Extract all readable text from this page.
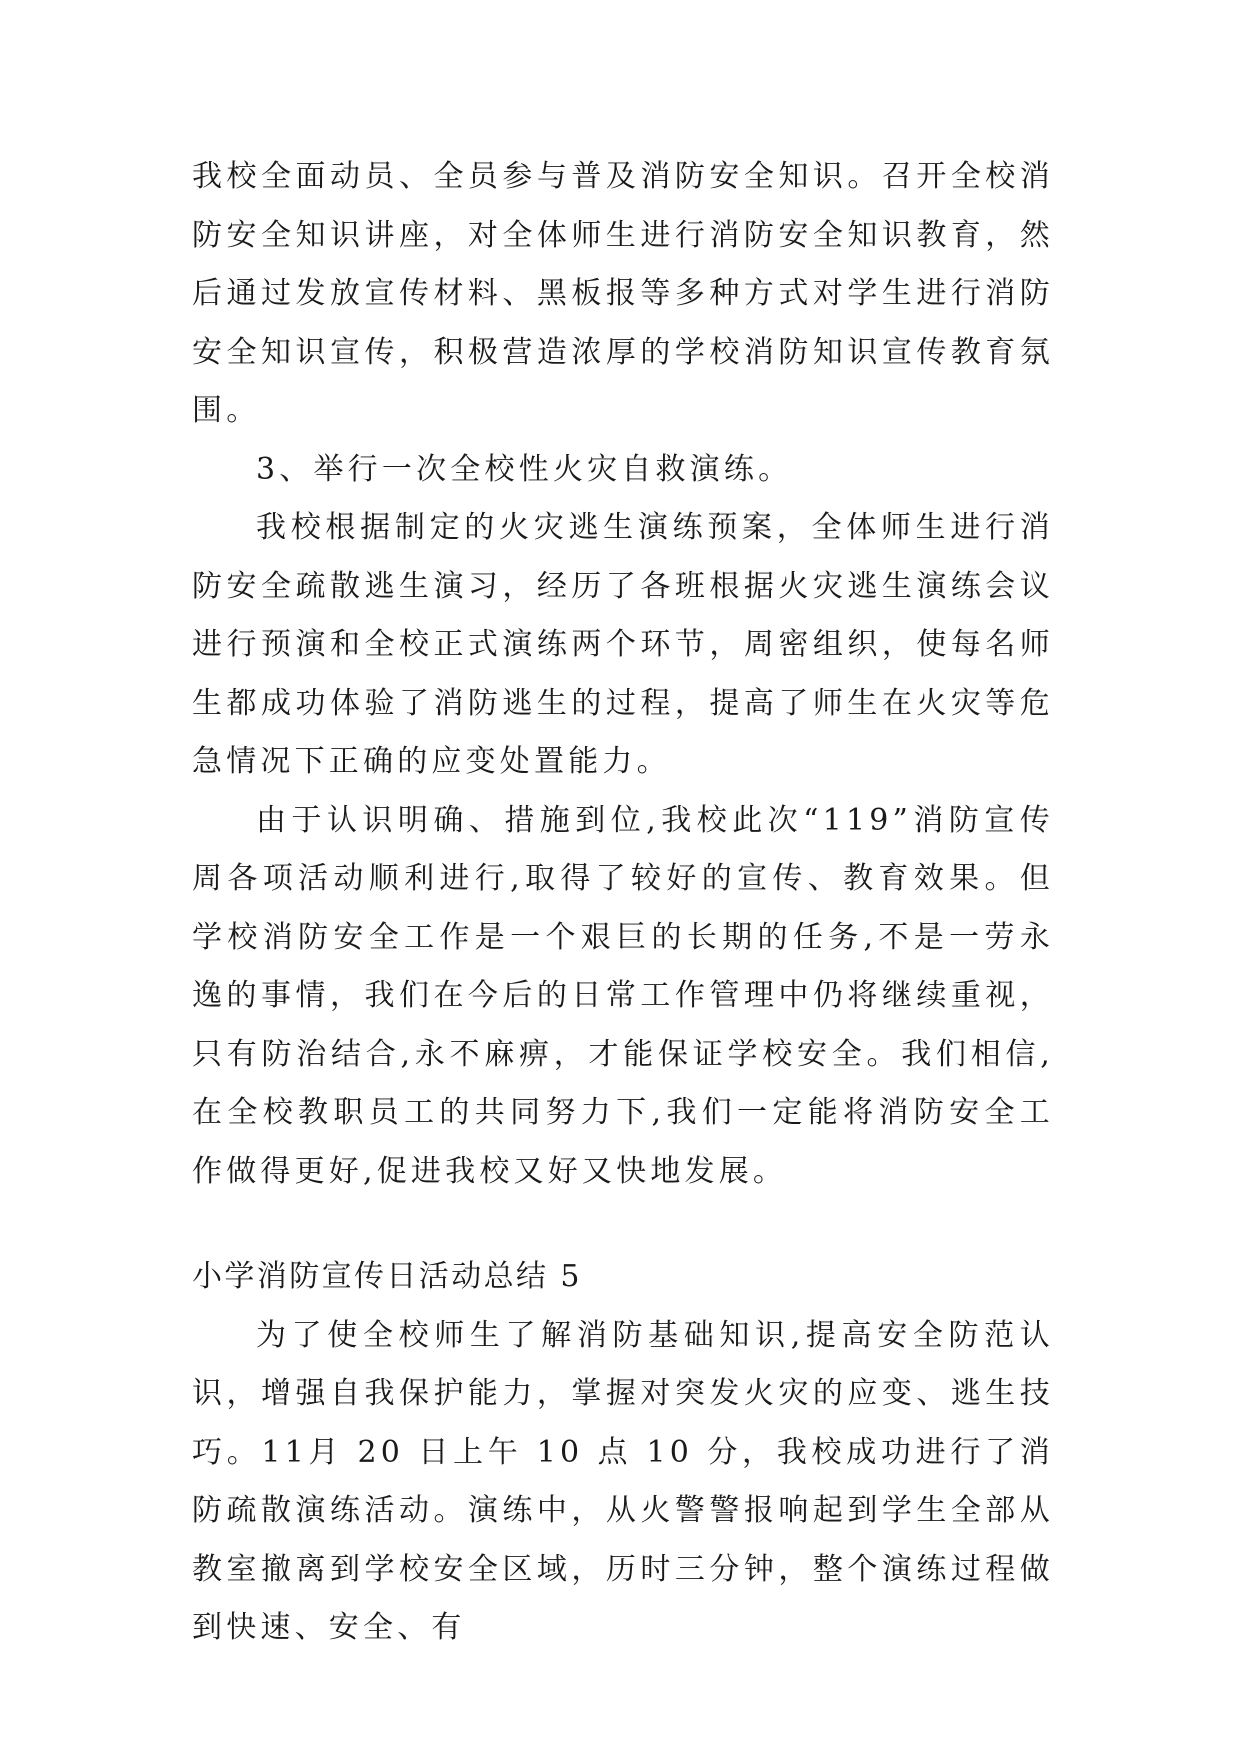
我校全面动员、全员参与普及消防安全知识。召开全校消防安全知识讲座，对全体师生进行消防安全知识教育，然后通过发放宣传材料、黑板报等多种方式对学生进行消防安全知识宣传，积极营造浓厚的学校消防知识宣传教育氛围。

3、举行一次全校性火灾自救演练。

我校根据制定的火灾逃生演练预案，全体师生进行消防安全疏散逃生演习，经历了各班根据火灾逃生演练会议进行预演和全校正式演练两个环节，周密组织，使每名师生都成功体验了消防逃生的过程，提高了师生在火灾等危急情况下正确的应变处置能力。

由于认识明确、措施到位,我校此次“119”消防宣传周各项活动顺利进行,取得了较好的宣传、教育效果。但学校消防安全工作是一个艰巨的长期的任务,不是一劳永逸的事情，我们在今后的日常工作管理中仍将继续重视，只有防治结合,永不麻痹，才能保证学校安全。我们相信,在全校教职员工的共同努力下,我们一定能将消防安全工作做得更好,促进我校又好又快地发展。

小学消防宣传日活动总结 5

为了使全校师生了解消防基础知识,提高安全防范认识，增强自我保护能力，掌握对突发火灾的应变、逃生技巧。11月 20 日上午 10 点 10 分，我校成功进行了消防疏散演练活动。演练中，从火警警报响起到学生全部从教室撤离到学校安全区域，历时三分钟，整个演练过程做到快速、安全、有
